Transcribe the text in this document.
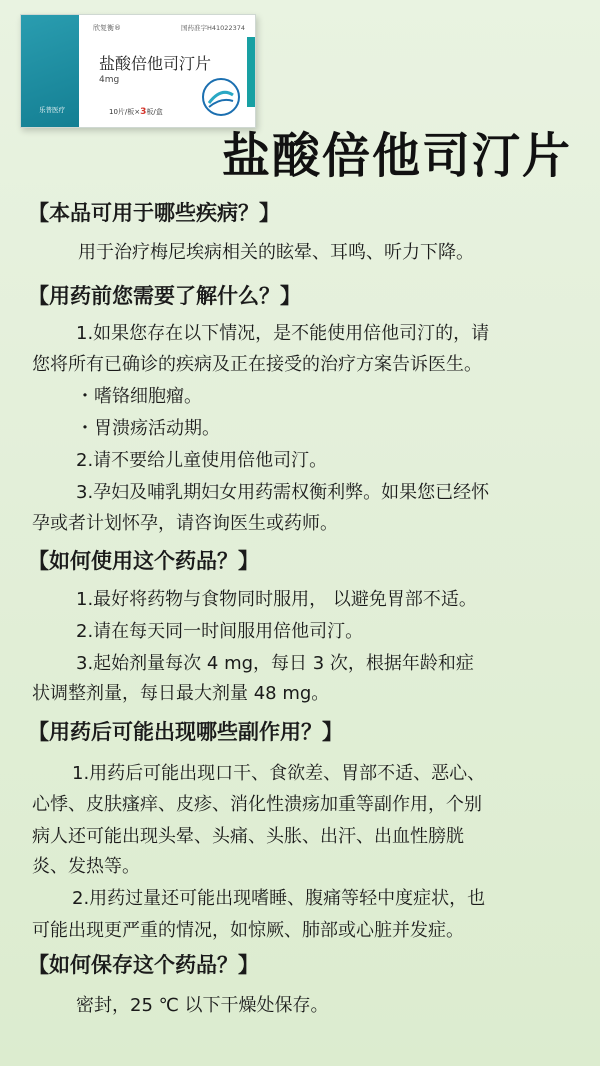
欣复衡®	国药准字H41022374
盐酸倍他司汀片
4mg
10片/板×3板/盒
乐普医疗
盐酸倍他司汀片
【本品可用于哪些疾病？】
用于治疗梅尼埃病相关的眩晕、耳鸣、听力下降。
【用药前您需要了解什么？】
1.如果您存在以下情况，是不能使用倍他司汀的，请
您将所有已确诊的疾病及正在接受的治疗方案告诉医生。
・嗜铬细胞瘤。
・胃溃疡活动期。
2.请不要给儿童使用倍他司汀。
3.孕妇及哺乳期妇女用药需权衡利弊。如果您已经怀
孕或者计划怀孕，请咨询医生或药师。
【如何使用这个药品？】
1.最好将药物与食物同时服用， 以避免胃部不适。
2.请在每天同一时间服用倍他司汀。
3.起始剂量每次 4 mg，每日 3 次，根据年龄和症
状调整剂量，每日最大剂量 48 mg。
【用药后可能出现哪些副作用？】
1.用药后可能出现口干、食欲差、胃部不适、恶心、
心悸、皮肤瘙痒、皮疹、消化性溃疡加重等副作用，个别
病人还可能出现头晕、头痛、头胀、出汗、出血性膀胱
炎、发热等。
2.用药过量还可能出现嗜睡、腹痛等轻中度症状，也
可能出现更严重的情况，如惊厥、肺部或心脏并发症。
【如何保存这个药品？】
密封，25 ℃ 以下干燥处保存。
